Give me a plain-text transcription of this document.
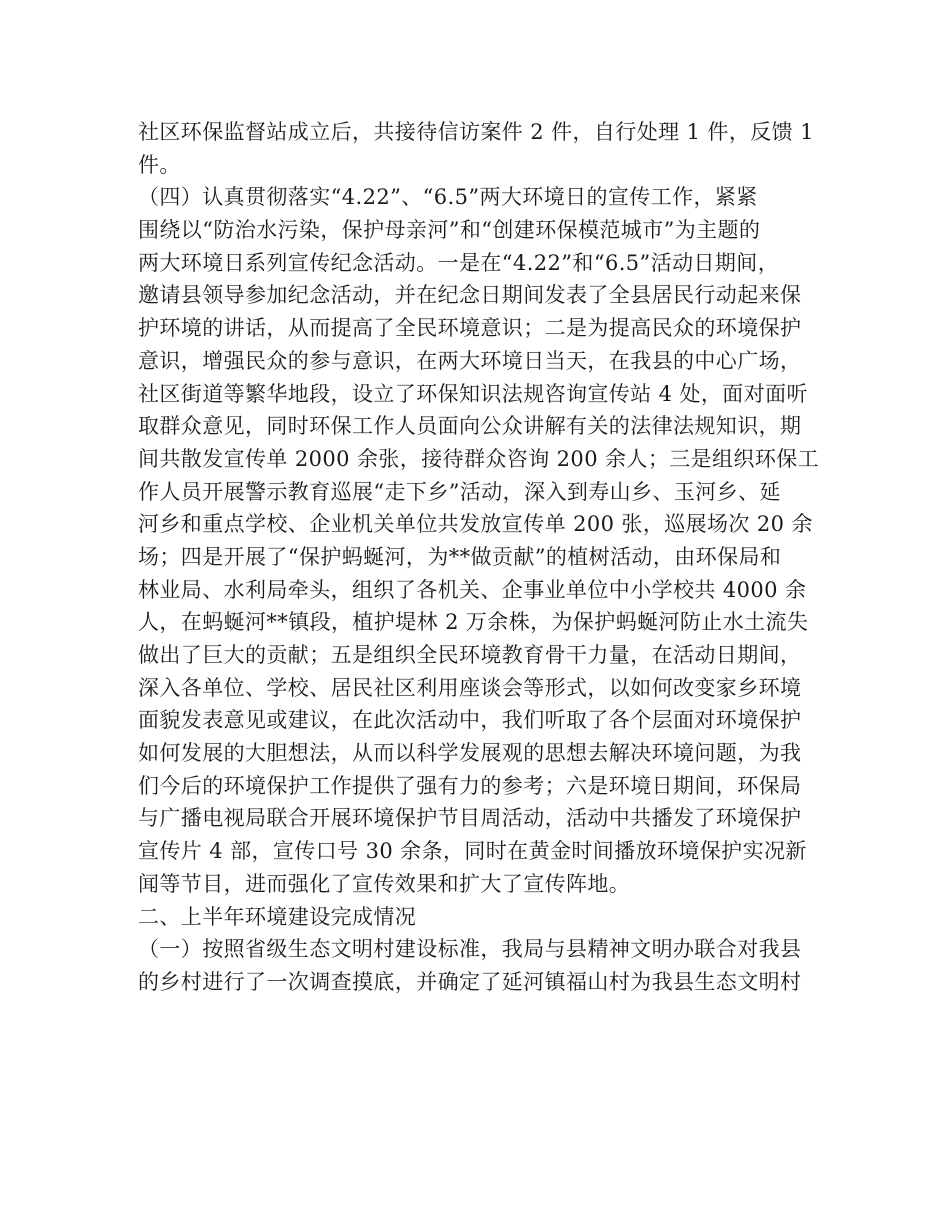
社区环保监督站成立后，共接待信访案件 2 件，自行处理 1 件，反馈 1
件。
（四）认真贯彻落实“4.22”、“6.5”两大环境日的宣传工作，紧紧
围绕以“防治水污染，保护母亲河”和“创建环保模范城市”为主题的
两大环境日系列宣传纪念活动。一是在“4.22”和“6.5”活动日期间，
邀请县领导参加纪念活动，并在纪念日期间发表了全县居民行动起来保
护环境的讲话，从而提高了全民环境意识；二是为提高民众的环境保护
意识，增强民众的参与意识，在两大环境日当天，在我县的中心广场，
社区街道等繁华地段，设立了环保知识法规咨询宣传站 4 处，面对面听
取群众意见，同时环保工作人员面向公众讲解有关的法律法规知识，期
间共散发宣传单 2000 余张，接待群众咨询 200 余人；三是组织环保工
作人员开展警示教育巡展“走下乡”活动，深入到寿山乡、玉河乡、延
河乡和重点学校、企业机关单位共发放宣传单 200 张，巡展场次 20 余
场；四是开展了“保护蚂蜒河，为**做贡献”的植树活动，由环保局和
林业局、水利局牵头，组织了各机关、企事业单位中小学校共 4000 余
人，在蚂蜒河**镇段，植护堤林 2 万余株，为保护蚂蜒河防止水土流失
做出了巨大的贡献；五是组织全民环境教育骨干力量，在活动日期间，
深入各单位、学校、居民社区利用座谈会等形式，以如何改变家乡环境
面貌发表意见或建议，在此次活动中，我们听取了各个层面对环境保护
如何发展的大胆想法，从而以科学发展观的思想去解决环境问题，为我
们今后的环境保护工作提供了强有力的参考；六是环境日期间，环保局
与广播电视局联合开展环境保护节目周活动，活动中共播发了环境保护
宣传片 4 部，宣传口号 30 余条，同时在黄金时间播放环境保护实况新
闻等节目，进而强化了宣传效果和扩大了宣传阵地。
二、上半年环境建设完成情况
（一）按照省级生态文明村建设标准，我局与县精神文明办联合对我县
的乡村进行了一次调查摸底，并确定了延河镇福山村为我县生态文明村
